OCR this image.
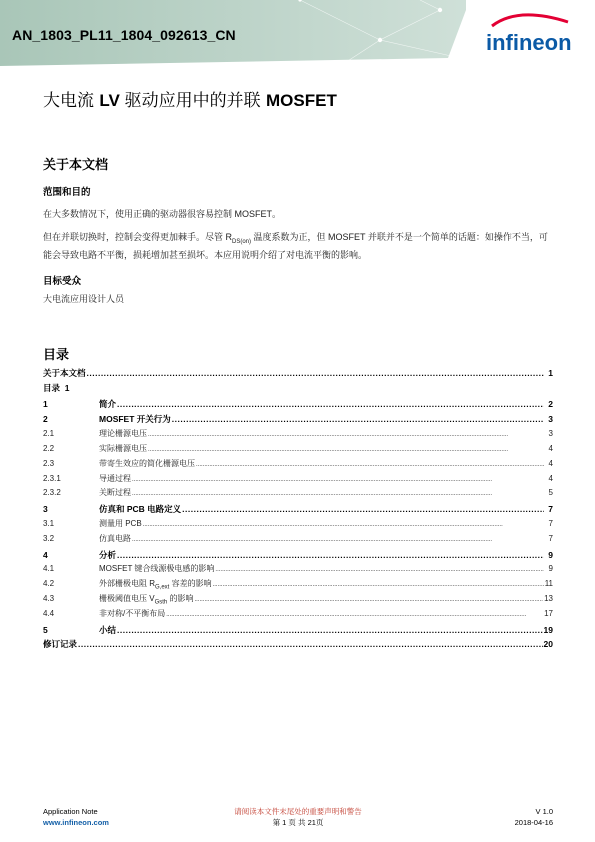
AN_1803_PL11_1804_092613_CN	infineon
大电流 LV 驱动应用中的并联 MOSFET
关于本文档
范围和目的
在大多数情况下，使用正确的驱动器很容易控制 MOSFET。
但在并联切换时，控制会变得更加棘手。尽管 $R_{DS(on)}$ 温度系数为正，但 MOSFET 并联并不是一个简单的话题：如操作不当，可能会导致电路不平衡，损耗增加甚至损坏。本应用说明介绍了对电流平衡的影响。
目标受众
大电流应用设计人员
目录
关于本文档 .....	1
目录
1
1	简介 .....	2
2	MOSFET 开关行为 .....	3
2.1	理论栅源电压 .....	3
2.2	实际栅源电压 .....	4
2.3	带寄生效应的简化栅源电压 .....	4
2.3.1	导通过程 .....	4
2.3.2	关断过程 .....	5
3	仿真和 PCB 电路定义 .....	7
3.1	测量用 PCB .....	7
3.2	仿真电路 .....	7
4	分析 .....	9
4.1	MOSFET 键合线源极电感的影响 .....	9
4.2	外部栅极电阻 $R_{G,ext}$ 容差的影响 .....	11
4.3	栅极阈值电压 $V_{Gsth}$ 的影响 .....	13
4.4	非对称/不平衡布局 .....	17
5	小结 .....	19
修订记录 .....	20
Application Note
www.infineon.com
请阅读本文件末尾处的重要声明和警告
第 1 页 共 21页
V 1.0
2018-04-16
